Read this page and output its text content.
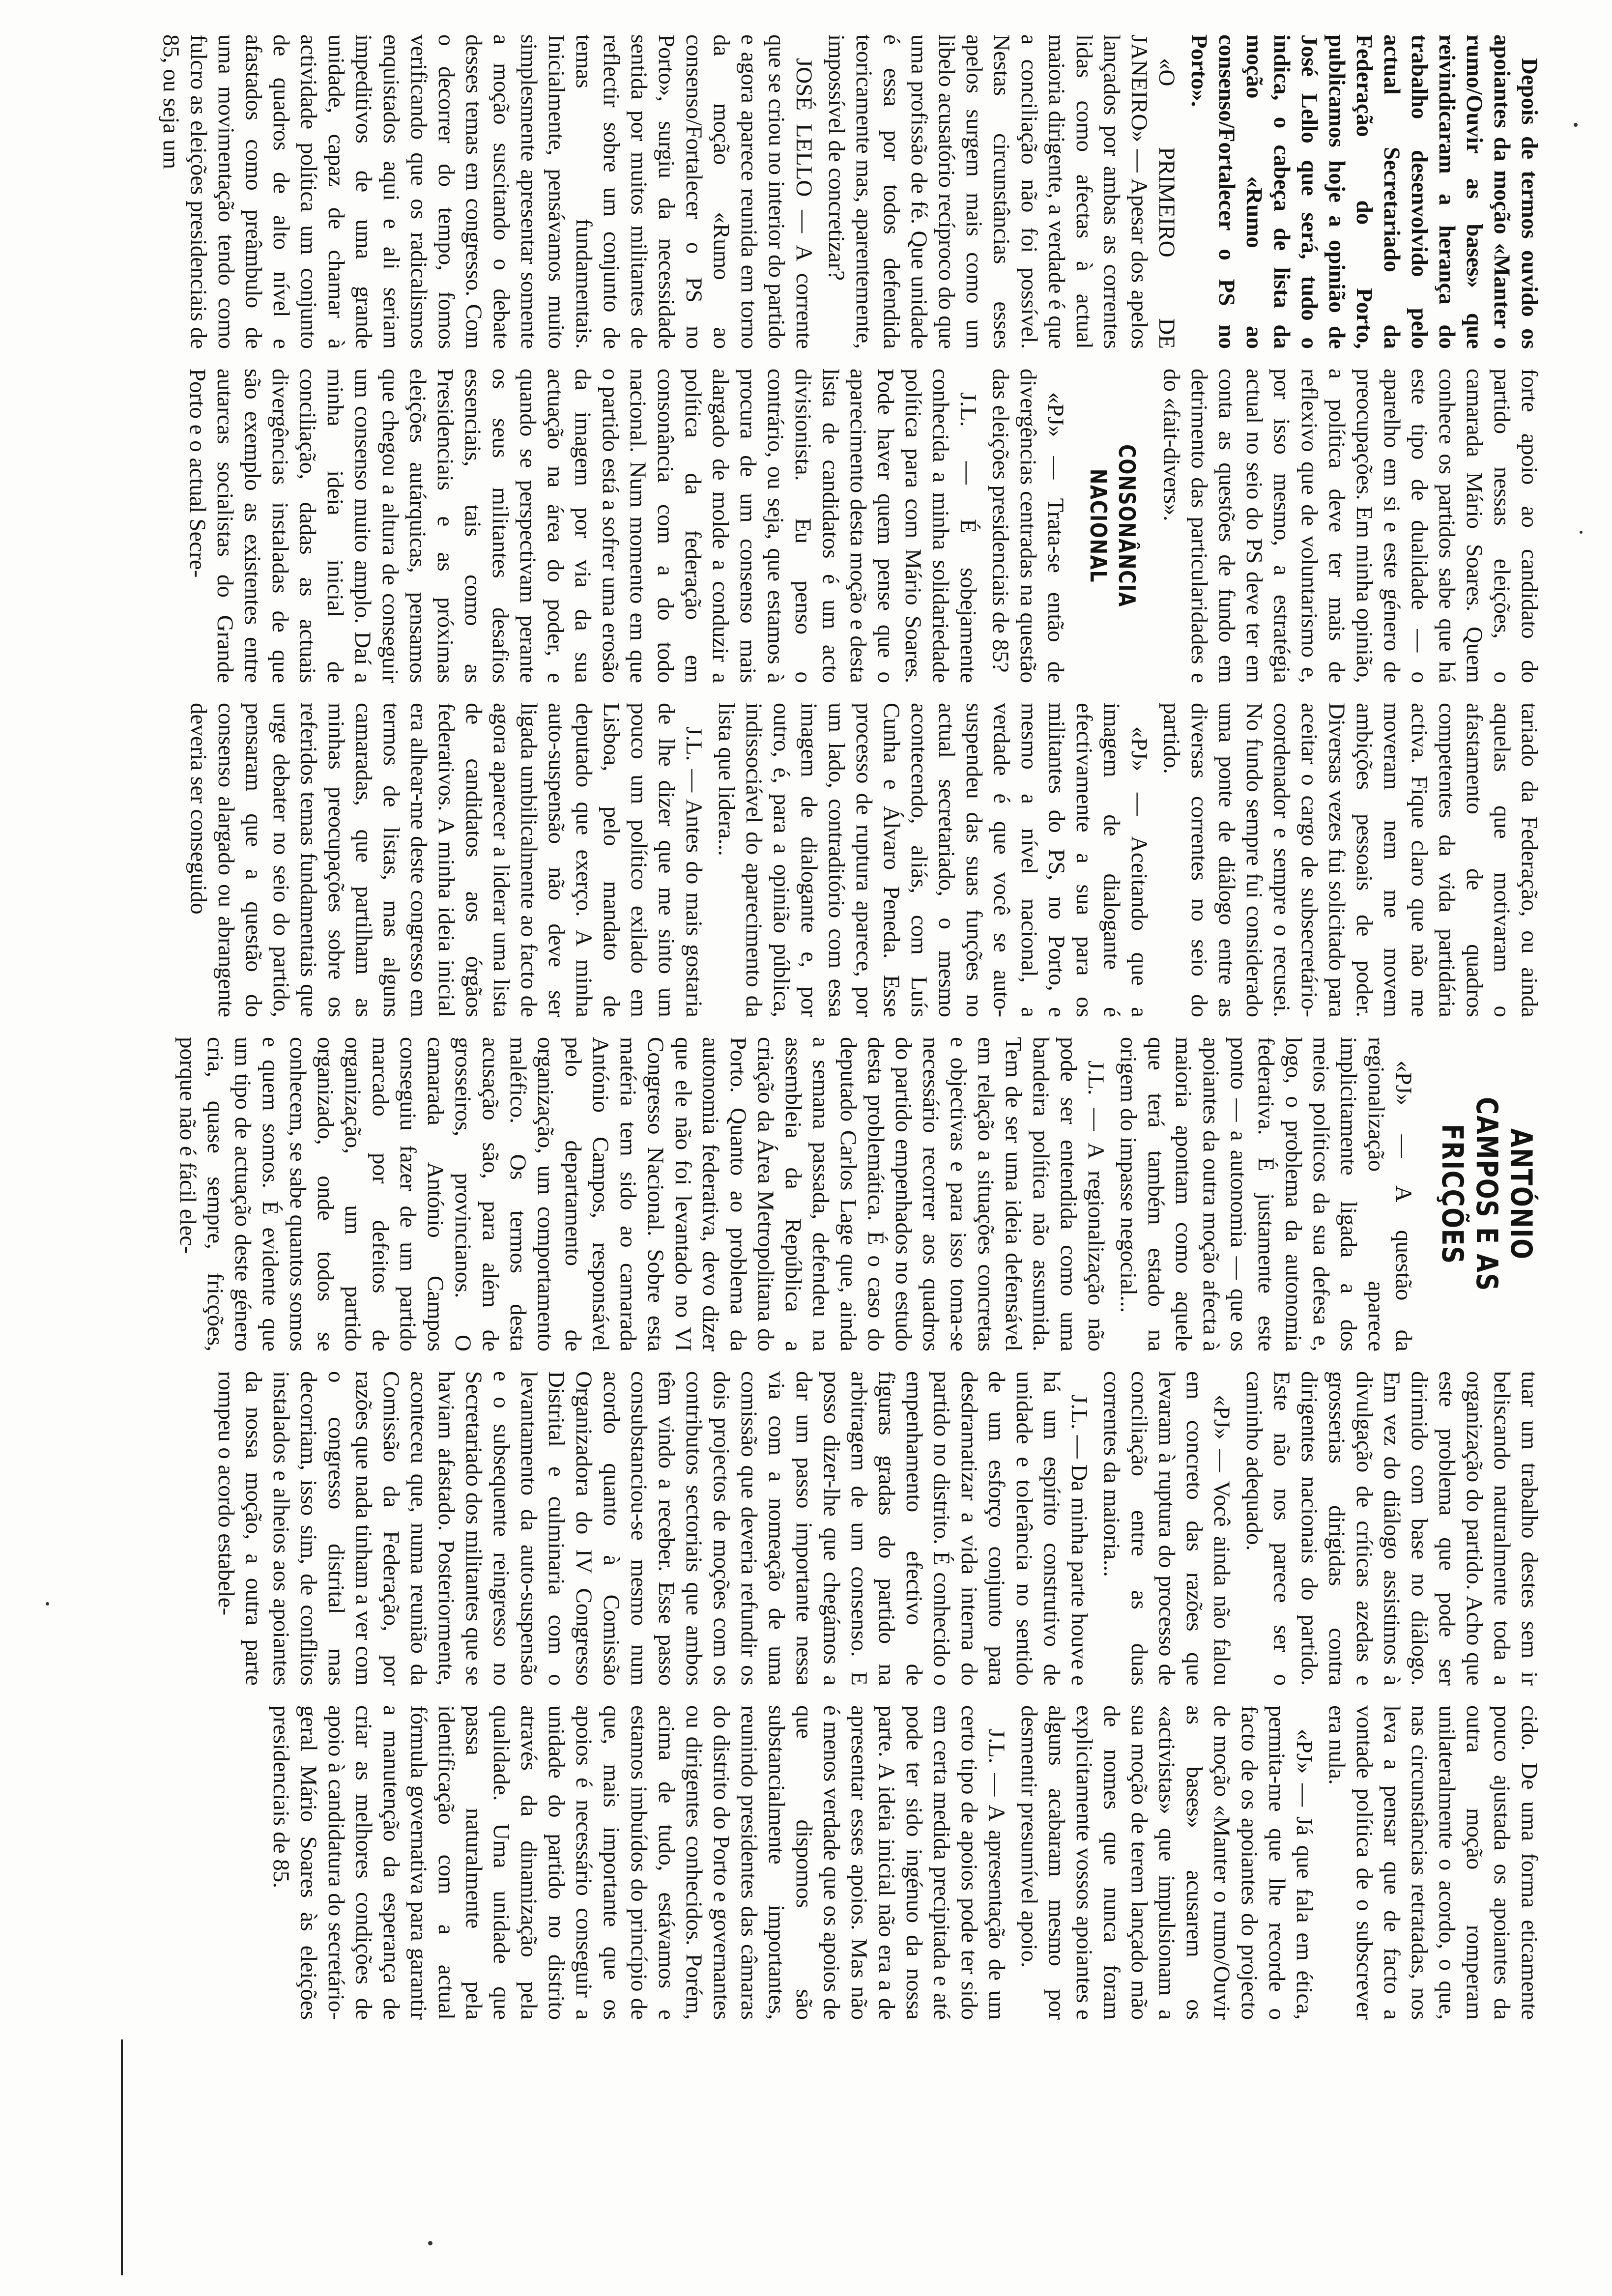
Depois de termos ouvido os apoiantes da moção «Manter o rumo/Ouvir as bases» que reivindicaram a herança do trabalho desenvolvido pelo actual Secretariado da Federação do Porto, publicamos hoje a opinião de José Lello que será, tudo o indica, o cabeça de lista da moção «Rumo ao consenso/Fortalecer o PS no Porto».

«O PRIMEIRO DE JANEIRO» — Apesar dos apelos lançados por ambas as correntes lidas como afectas à actual maioria dirigente, a verdade é que a conciliação não foi possível. Nestas circunstâncias esses apelos surgem mais como um libelo acusatório recíproco do que uma profissão de fé. Que unidade é essa por todos defendida teoricamente mas, aparentemente, impossível de concretizar?

JOSÉ LELLO — A corrente que se criou no interior do partido e agora aparece reunida em torno da moção «Rumo ao consenso/Fortalecer o PS no Porto», surgiu da necessidade sentida por muitos militantes de reflectir sobre um conjunto de temas fundamentais. Inicialmente, pensávamos muito simplesmente apresentar somente a moção suscitando o debate desses temas em congresso. Com o decorrer do tempo, fomos verificando que os radicalismos enquistados aqui e ali seriam impeditivos de uma grande unidade, capaz de chamar à actividade política um conjunto de quadros de alto nível e afastados como preâmbulo de uma movimentação tendo como fulcro as eleições presidenciais de 85, ou seja um

forte apoio ao candidato do partido nessas eleições, o camarada Mário Soares. Quem conhece os partidos sabe que há este tipo de dualidade — o aparelho em si e este género de preocupações. Em minha opinião, a política deve ter mais de reflexivo que de voluntarismo e, por isso mesmo, a estratégia actual no seio do PS deve ter em conta as questões de fundo em detrimento das particularidades e do «fait-divers».

CONSONÂNCIA NACIONAL

«PJ» — Trata-se então de divergências centradas na questão das eleições presidenciais de 85?

J.L. — É sobejamente conhecida a minha solidariedade política para com Mário Soares. Pode haver quem pense que o aparecimento desta moção e desta lista de candidatos é um acto divisionista. Eu penso o contrário, ou seja, que estamos à procura de um consenso mais alargado de molde a conduzir a política da federação em consonância com a do todo nacional. Num momento em que o partido está a sofrer uma erosão da imagem por via da sua actuação na área do poder, e quando se perspectivam perante os seus militantes desafios essenciais, tais como as Presidenciais e as próximas eleições autárquicas, pensamos que chegou a altura de conseguir um consenso muito amplo. Daí a minha ideia inicial de conciliação, dadas as actuais divergências instaladas de que são exemplo as existentes entre autarcas socialistas do Grande Porto e o actual Secre-

tariado da Federação, ou ainda aquelas que motivaram o afastamento de quadros competentes da vida partidária activa. Fique claro que não me moveram nem me movem ambições pessoais de poder. Diversas vezes fui solicitado para aceitar o cargo de subsecretário-coordenador e sempre o recusei. No fundo sempre fui considerado uma ponte de diálogo entre as diversas correntes no seio do partido.

«PJ» — Aceitando que a imagem de dialogante é efectivamente a sua para os militantes do PS, no Porto, e mesmo a nível nacional, a verdade é que você se auto-suspendeu das suas funções no actual secretariado, o mesmo acontecendo, aliás, com Luís Cunha e Álvaro Peneda. Esse processo de ruptura aparece, por um lado, contraditório com essa imagem de dialogante e, por outro, é, para a opinião pública, indissociável do aparecimento da lista que lidera...

J.L. — Antes do mais gostaria de lhe dizer que me sinto um pouco um político exilado em Lisboa, pelo mandato de deputado que exerço. A minha auto-suspensão não deve ser ligada umbilicalmente ao facto de agora aparecer a liderar uma lista de candidatos aos órgãos federativos. A minha ideia inicial era alhear-me deste congresso em termos de listas, mas alguns camaradas, que partilham as minhas preocupações sobre os referidos temas fundamentais que urge debater no seio do partido, pensaram que a questão do consenso alargado ou abrangente deveria ser conseguido

ANTÓNIO CAMPOS E AS FRICÇÕES

«PJ» — A questão da regionalização aparece implicitamente ligada a dos meios políticos da sua defesa e, logo, o problema da autonomia federativa. É justamente este ponto — a autonomia — que os apoiantes da outra moção afecta à maioria apontam como aquele que terá também estado na origem do impasse negocial...

J.L. — A regionalização não pode ser entendida como uma bandeira política não assumida. Tem de ser uma ideia defensável em relação a situações concretas e objectivas e para isso toma-se necessário recorrer aos quadros do partido empenhados no estudo desta problemática. É o caso do deputado Carlos Lage que, ainda a semana passada, defendeu na assembleia da República a criação da Área Metropolitana do Porto. Quanto ao problema da autonomia federativa, devo dizer que ele não foi levantado no VI Congresso Nacional. Sobre esta matéria tem sido ao camarada António Campos, responsável pelo departamento de organização, um comportamento maléfico. Os termos desta acusação são, para além de grosseiros, provincianos. O camarada António Campos conseguiu fazer de um partido marcado por defeitos de organização, um partido organizado, onde todos se conhecem, se sabe quantos somos e quem somos. É evidente que um tipo de actuação deste género cria, quase sempre, fricções, porque não é fácil elec-

tuar um trabalho destes sem ir beliscando naturalmente toda a organização do partido. Acho que este problema que pode ser dirimido com base no diálogo. Em vez do diálogo assistimos à divulgação de críticas azedas e grosserias dirigidas contra dirigentes nacionais do partido. Este não nos parece ser o caminho adequado.

«PJ» — Você ainda não falou em concreto das razões que levaram à ruptura do processo de conciliação entre as duas correntes da maioria...

J.L. — Da minha parte houve e há um espírito construtivo de unidade e tolerância no sentido de um esforço conjunto para desdramatizar a vida interna do partido no distrito. É conhecido o empenhamento efectivo de figuras gradas do partido na arbitragem de um consenso. E posso dizer-lhe que chegámos a dar um passo importante nessa via com a nomeação de uma comissão que deveria refundir os dois projectos de moções com os contributos sectoriais que ambos têm vindo a receber. Esse passo consubstanciou-se mesmo num acordo quanto à Comissão Organizadora do IV Congresso Distrital e culminaria com o levantamento da auto-suspensão e o subsequente reingresso no Secretariado dos militantes que se haviam afastado. Posteriormente, aconteceu que, numa reunião da Comissão da Federação, por razões que nada tinham a ver com o congresso distrital mas decorriam, isso sim, de conflitos instalados e alheios aos apoiantes da nossa moção, a outra parte rompeu o acordo estabele-

cido. De uma forma eticamente pouco ajustada os apoiantes da outra moção romperam unilateralmente o acordo, o que, nas circunstâncias retratadas, nos leva a pensar que de facto a vontade política de o subscrever era nula.

«PJ» — Já que fala em ética, permita-me que lhe recorde o facto de os apoiantes do projecto de moção «Manter o rumo/Ouvir as bases» acusarem os «activistas» que impulsionam a sua moção de terem lançado mão de nomes que nunca foram explicitamente vossos apoiantes e alguns acabaram mesmo por desmentir presumível apoio.

J.L. — A apresentação de um certo tipo de apoios pode ter sido em certa medida precipitada e até pode ter sido ingénuo da nossa parte. A ideia inicial não era a de apresentar esses apoios. Mas não é menos verdade que os apoios de que dispomos são substancialmente importantes, reunindo presidentes das câmaras do distrito do Porto e governantes ou dirigentes conhecidos. Porém, acima de tudo, estávamos e estamos imbuídos do princípio de que, mais importante que os apoios é necessário conseguir a unidade do partido no distrito através da dinamização pela qualidade. Uma unidade que passa naturalmente pela identificação com a actual fórmula governativa para garantir a manutenção da esperança de criar as melhores condições de apoio à candidatura do secretário-geral Mário Soares às eleições presidenciais de 85.
